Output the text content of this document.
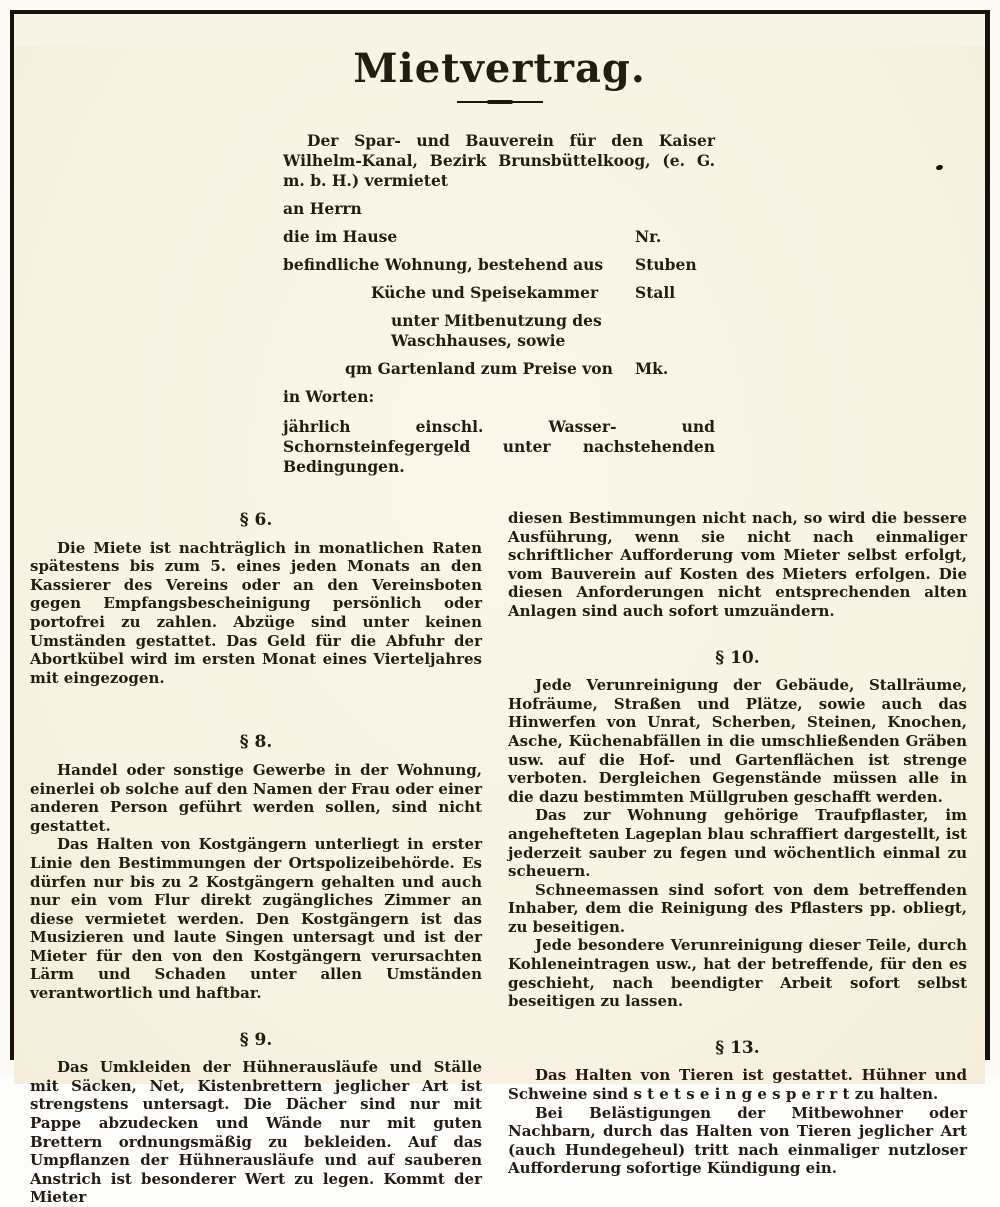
Mietvertrag.

Der Spar- und Bauverein für den Kaiser Wilhelm-Kanal, Bezirk Brunsbüttelkoog, (e. G. m. b. H.) vermietet

an Herrn
die im Hause	Nr.
befindliche Wohnung, bestehend aus Stuben
Küche und Speisekammer Stall
unter Mitbenutzung des Waschhauses, sowie
qm Gartenland zum Preise von Mk.
in Worten:
jährlich einschl. Wasser- und Schornsteinfegergeld unter nachstehenden Bedingungen.
§ 6.

Die Miete ist nachträglich in monatlichen Raten spätestens bis zum 5. eines jeden Monats an den Kassierer des Vereins oder an den Vereinsboten gegen Empfangsbescheinigung persönlich oder portofrei zu zahlen. Abzüge sind unter keinen Umständen gestattet. Das Geld für die Abfuhr der Abortkübel wird im ersten Monat eines Vierteljahres mit eingezogen.

§ 8.

Handel oder sonstige Gewerbe in der Wohnung, einerlei ob solche auf den Namen der Frau oder einer anderen Person geführt werden sollen, sind nicht gestattet.

Das Halten von Kostgängern unterliegt in erster Linie den Bestimmungen der Ortspolizeibehörde. Es dürfen nur bis zu 2 Kostgängern gehalten und auch nur ein vom Flur direkt zugängliches Zimmer an diese vermietet werden. Den Kostgängern ist das Musizieren und laute Singen untersagt und ist der Mieter für den von den Kostgängern verursachten Lärm und Schaden unter allen Umständen verantwortlich und haftbar.

§ 9.

Das Umkleiden der Hühnerausläufe und Ställe mit Säcken, Net, Kistenbrettern jeglicher Art ist strengstens untersagt. Die Dächer sind nur mit Pappe abzudecken und Wände nur mit guten Brettern ordnungsmäßig zu bekleiden. Auf das Umpflanzen der Hühnerausläufe und auf sauberen Anstrich ist besonderer Wert zu legen. Kommt der Mieter

diesen Bestimmungen nicht nach, so wird die bessere Ausführung, wenn sie nicht nach einmaliger schriftlicher Aufforderung vom Mieter selbst erfolgt, vom Bauverein auf Kosten des Mieters erfolgen. Die diesen Anforderungen nicht entsprechenden alten Anlagen sind auch sofort umzuändern.

§ 10.

Jede Verunreinigung der Gebäude, Stallräume, Hofräume, Straßen und Plätze, sowie auch das Hinwerfen von Unrat, Scherben, Steinen, Knochen, Asche, Küchenabfällen in die umschließenden Gräben usw. auf die Hof- und Gartenflächen ist strenge verboten. Dergleichen Gegenstände müssen alle in die dazu bestimmten Müllgruben geschafft werden.

Das zur Wohnung gehörige Traufpflaster, im angehefteten Lageplan blau schraffiert dargestellt, ist jederzeit sauber zu fegen und wöchentlich einmal zu scheuern.

Schneemassen sind sofort von dem betreffenden Inhaber, dem die Reinigung des Pflasters pp. obliegt, zu beseitigen.

Jede besondere Verunreinigung dieser Teile, durch Kohleneintragen usw., hat der betreffende, für den es geschieht, nach beendigter Arbeit sofort selbst beseitigen zu lassen.

§ 13.

Das Halten von Tieren ist gestattet. Hühner und Schweine sind s t e t s e i n g e s p e r r t zu halten.

Bei Belästigungen der Mitbewohner oder Nachbarn, durch das Halten von Tieren jeglicher Art (auch Hundegeheul) tritt nach einmaliger nutzloser Aufforderung sofortige Kündigung ein.
